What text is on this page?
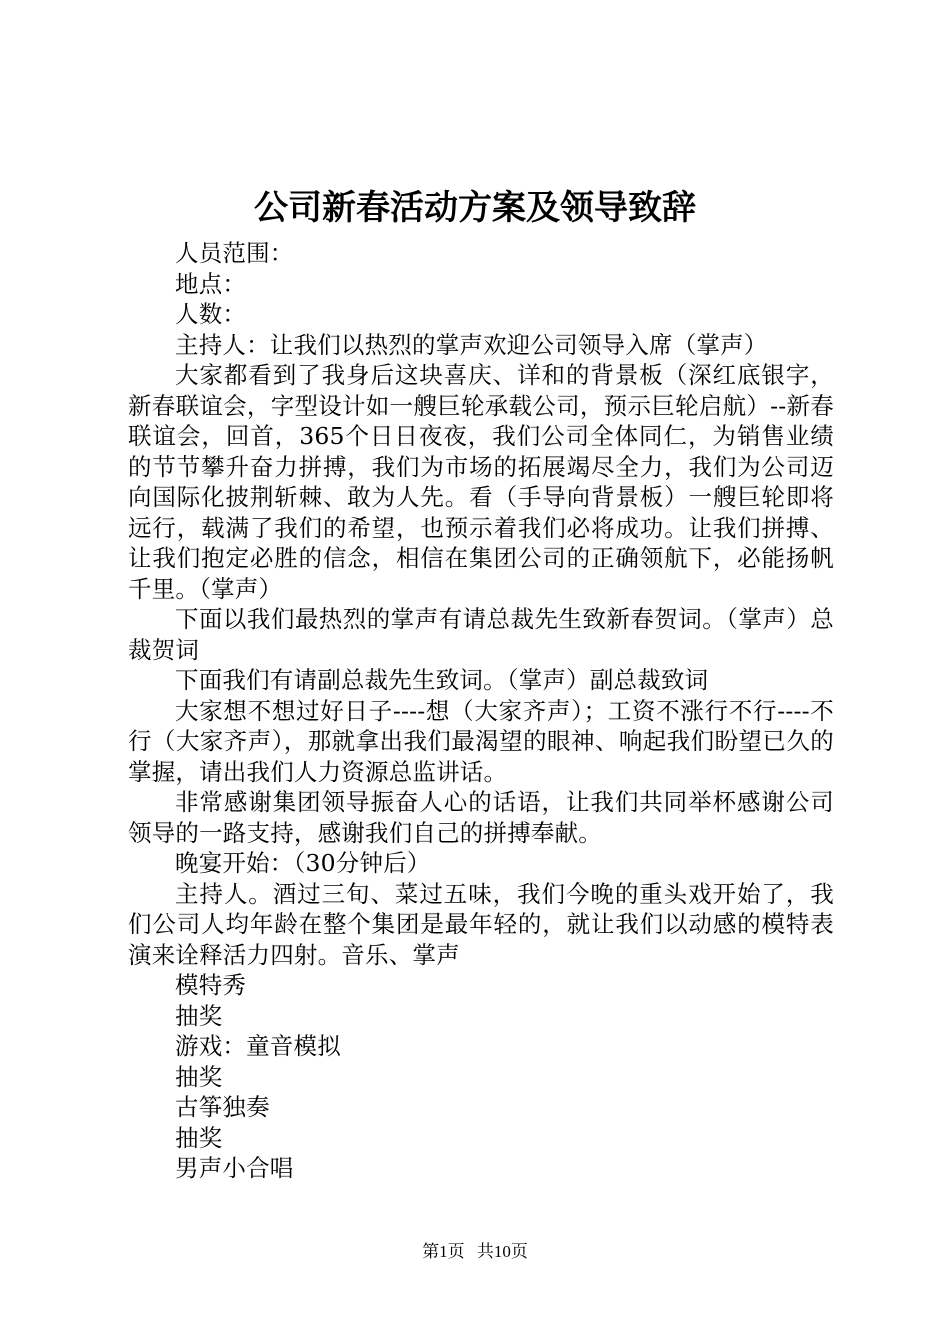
公司新春活动方案及领导致辞

人员范围：

地点：

人数：

主持人：让我们以热烈的掌声欢迎公司领导入席（掌声）

大家都看到了我身后这块喜庆、详和的背景板（深红底银字，新春联谊会，字型设计如一艘巨轮承载公司，预示巨轮启航）--新春联谊会，回首，365个日日夜夜，我们公司全体同仁，为销售业绩的节节攀升奋力拼搏，我们为市场的拓展竭尽全力，我们为公司迈向国际化披荆斩棘、敢为人先。看（手导向背景板）一艘巨轮即将远行，载满了我们的希望，也预示着我们必将成功。让我们拼搏、让我们抱定必胜的信念，相信在集团公司的正确领航下，必能扬帆千里。（掌声）

下面以我们最热烈的掌声有请总裁先生致新春贺词。（掌声）总裁贺词

下面我们有请副总裁先生致词。（掌声）副总裁致词

大家想不想过好日子----想（大家齐声）；工资不涨行不行----不行（大家齐声），那就拿出我们最渴望的眼神、响起我们盼望已久的掌握，请出我们人力资源总监讲话。

非常感谢集团领导振奋人心的话语，让我们共同举杯感谢公司领导的一路支持，感谢我们自己的拼搏奉献。

晚宴开始：（30分钟后）

主持人。酒过三旬、菜过五味，我们今晚的重头戏开始了，我们公司人均年龄在整个集团是最年轻的，就让我们以动感的模特表演来诠释活力四射。音乐、掌声

模特秀

抽奖

游戏：童音模拟

抽奖

古筝独奏

抽奖

男声小合唱

第1页 共10页
